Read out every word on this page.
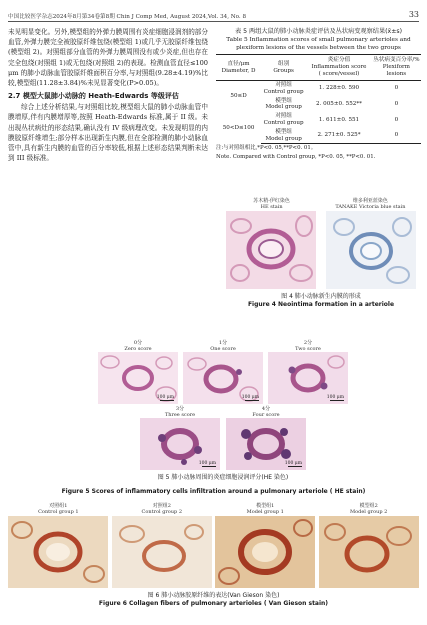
中国比较医学杂志2024年8月第34卷第8期 Chin J Comp Med, August 2024,Vol. 34, No. 8	33

未见明显变化。另外,模型组的外弹力膜周围有炎症细胞浸润剂的部分血管,外弹力膜完全被胶原纤维包绕(模型组 1)或几乎无胶原纤维包绕(模型组 2)。对照组部分血管的外弹力膜周围没有或少炎症,但也存在完全包绕(对照组 1)或无包绕(对照组 2)的表现。检测血管直径≤100 μm 的肺小动脉血管胶原纤维面积百分率,与对照组(9.28±4.19)%比较,模型组(11.28±3.84)%未见显著变化(P>0.05)。

2.7 模型大鼠肺小动脉的 Heath-Edwards 等级评估

综合上述分析结果,与对照组比较,模型组大鼠的肺小动脉血管中膜增厚,伴有内膜增厚等,按照 Heath-Edwards 标准,属于 II 级。未出现丛状病灶的形态结果,确认没有 IV 级病理改变。未发现明显的内膜胶原纤维增生;部分样本出现新生内膜,但在全部检测的肺小动脉血管中,具有新生内膜的血管的百分率较低,根据上述形态结果判断未达到 III 级标准。

表 5 两组大鼠的肺小动脉炎症评估及丛状病变观察结果(x̄±s)
Table 5 Inflammation scores of small pulmonary arterioles and plexiform lesions of the vessels between the two groups
直径/μm
Diameter, D	组别
Groups	炎症分值
Inflammation score
( score/vessel)	丛状病变百分率/%
Plexiform lesions
50≤D	对照组
Control group	1. 228±0. 590	0
	模型组
Model group	2. 005±0. 552**	0
50<D≤100	对照组
Control group	1. 611±0. 551	0
	模型组
Model group	2. 271±0. 525*	0
注:与对照组相比,*P<0. 05,**P<0. 01。
Note. Compared with Control group, *P<0. 05, **P<0. 01.
苏木精-伊红染色
HE stain
维多利亚蓝染色
TANAKE Victoria blue stain
图 4 肺小动脉新生内膜的形成
Figure 4 Neointima formation in a arteriole
0分
Zero score
100 μm
1分
One score
100 μm
2分
Two score
100 μm
3分
Three score
100 μm
4分
Four score
100 μm
图 5 肺小动脉周围的炎症细胞浸润评分(HE 染色)
Figure 5 Scores of inflammatory cells infiltration around a pulmonary arteriole ( HE stain)
对照组1
Control group 1
对照组2
Control group 2
模型组1
Model group 1
模型组2
Model group 2
图 6 肺小动脉胶原纤维的表达(Van Gieson 染色)
Figure 6 Collagen fibers of pulmonary arterioles ( Van Gieson stain)
